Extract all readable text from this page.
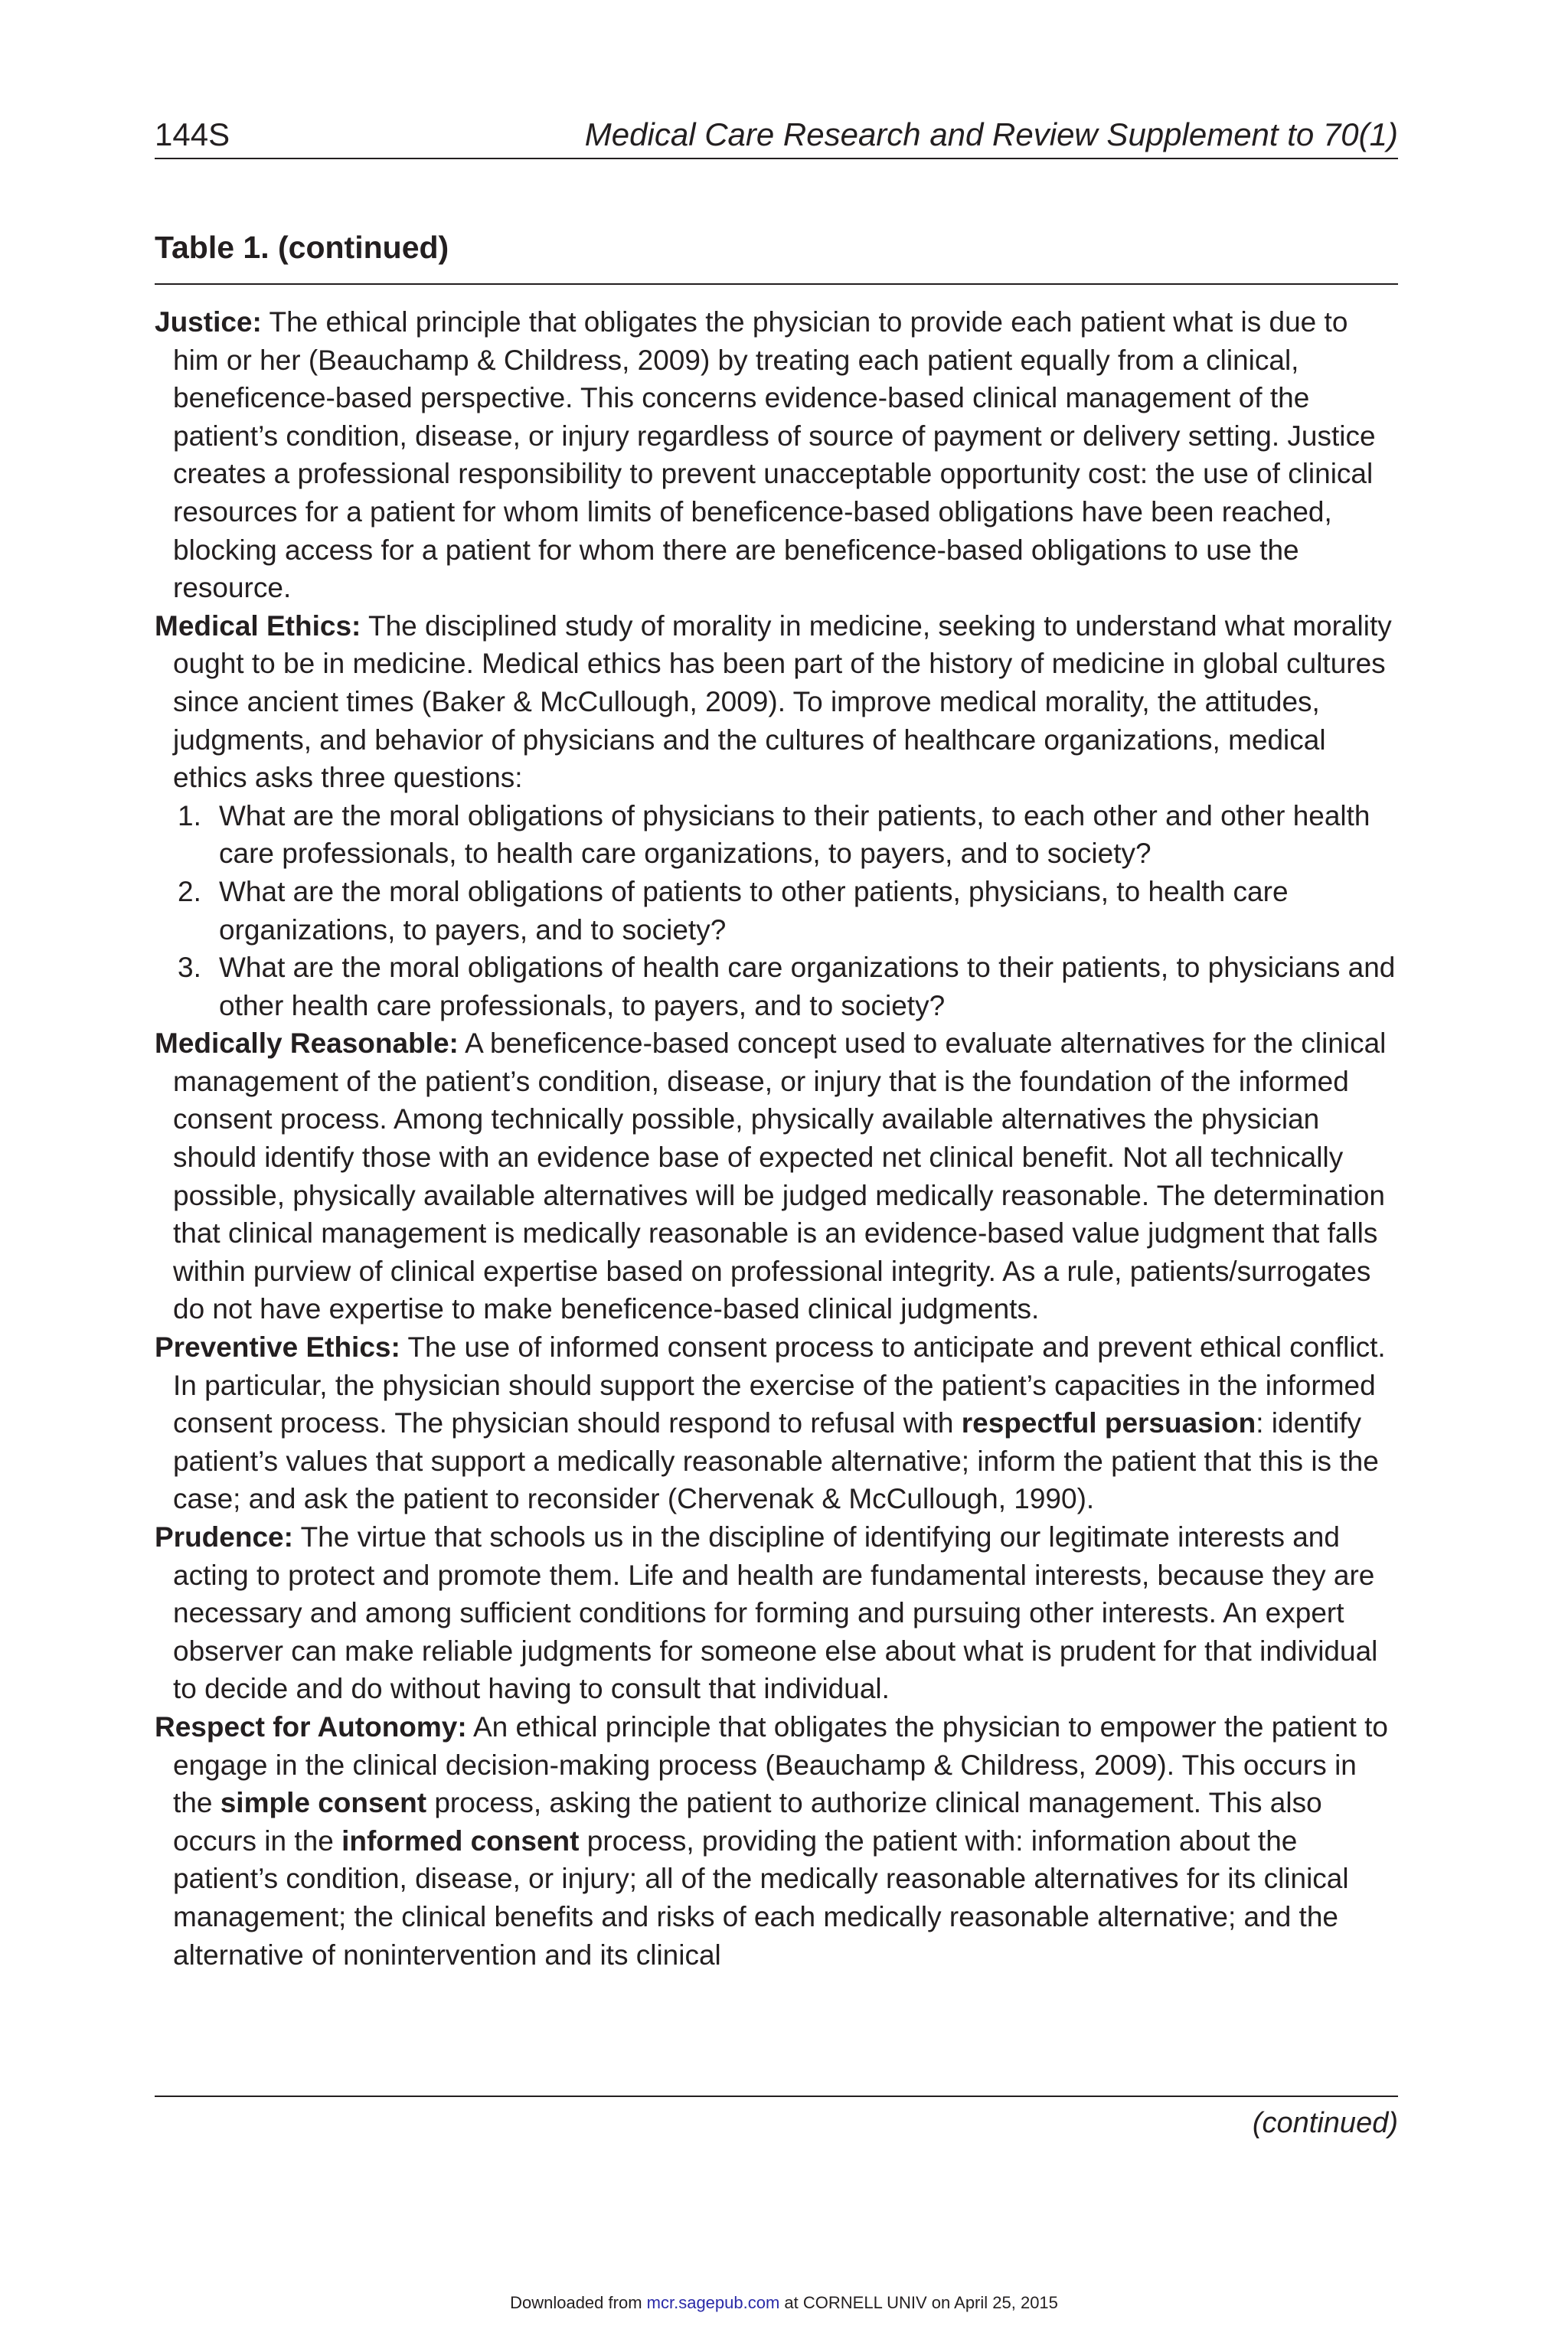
144S	Medical Care Research and Review Supplement to 70(1)
Table 1. (continued)

Justice: The ethical principle that obligates the physician to provide each patient what is due to him or her (Beauchamp & Childress, 2009) by treating each patient equally from a clinical, beneficence-based perspective. This concerns evidence-based clinical management of the patient’s condition, disease, or injury regardless of source of payment or delivery setting. Justice creates a professional responsibility to prevent unacceptable opportunity cost: the use of clinical resources for a patient for whom limits of beneficence-based obligations have been reached, blocking access for a patient for whom there are beneficence-based obligations to use the resource.

Medical Ethics: The disciplined study of morality in medicine, seeking to understand what morality ought to be in medicine. Medical ethics has been part of the history of medicine in global cultures since ancient times (Baker & McCullough, 2009). To improve medical morality, the attitudes, judgments, and behavior of physicians and the cultures of healthcare organizations, medical ethics asks three questions:

1. What are the moral obligations of physicians to their patients, to each other and other health care professionals, to health care organizations, to payers, and to society?
2. What are the moral obligations of patients to other patients, physicians, to health care organizations, to payers, and to society?
3. What are the moral obligations of health care organizations to their patients, to physicians and other health care professionals, to payers, and to society?

Medically Reasonable: A beneficence-based concept used to evaluate alternatives for the clinical management of the patient’s condition, disease, or injury that is the foundation of the informed consent process. Among technically possible, physically available alternatives the physician should identify those with an evidence base of expected net clinical benefit. Not all technically possible, physically available alternatives will be judged medically reasonable. The determination that clinical management is medically reasonable is an evidence-based value judgment that falls within purview of clinical expertise based on professional integrity. As a rule, patients/surrogates do not have expertise to make beneficence-based clinical judgments.

Preventive Ethics: The use of informed consent process to anticipate and prevent ethical conflict. In particular, the physician should support the exercise of the patient’s capacities in the informed consent process. The physician should respond to refusal with respectful persuasion: identify patient’s values that support a medically reasonable alternative; inform the patient that this is the case; and ask the patient to reconsider (Chervenak & McCullough, 1990).

Prudence: The virtue that schools us in the discipline of identifying our legitimate interests and acting to protect and promote them. Life and health are fundamental interests, because they are necessary and among sufficient conditions for forming and pursuing other interests. An expert observer can make reliable judgments for someone else about what is prudent for that individual to decide and do without having to consult that individual.

Respect for Autonomy: An ethical principle that obligates the physician to empower the patient to engage in the clinical decision-making process (Beauchamp & Childress, 2009). This occurs in the simple consent process, asking the patient to authorize clinical management. This also occurs in the informed consent process, providing the patient with: information about the patient’s condition, disease, or injury; all of the medically reasonable alternatives for its clinical management; the clinical benefits and risks of each medically reasonable alternative; and the alternative of nonintervention and its clinical

(continued)
Downloaded from mcr.sagepub.com at CORNELL UNIV on April 25, 2015
